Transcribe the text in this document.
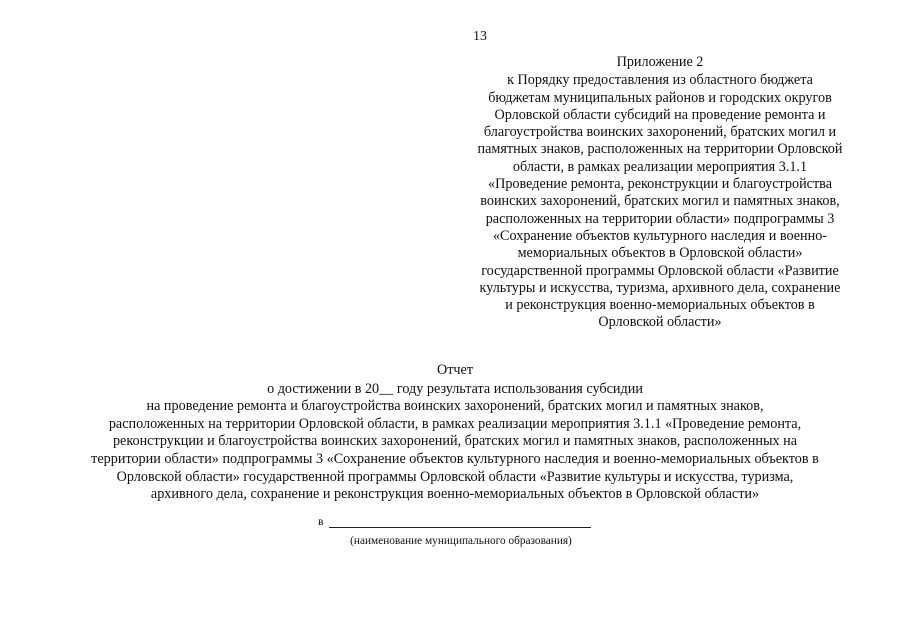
13
Приложение 2
к Порядку предоставления из областного бюджета
бюджетам муниципальных районов и городских округов
Орловской области субсидий на проведение ремонта и
благоустройства воинских захоронений, братских могил и
памятных знаков, расположенных на территории Орловской
области, в рамках реализации мероприятия 3.1.1
«Проведение ремонта, реконструкции и благоустройства
воинских захоронений, братских могил и памятных знаков,
расположенных на территории области» подпрограммы 3
«Сохранение объектов культурного наследия и военно-
мемориальных объектов в Орловской области»
государственной программы Орловской области «Развитие
культуры и искусства, туризма, архивного дела, сохранение
и реконструкция военно-мемориальных объектов в
Орловской области»
Отчет
о достижении в 20__ году результата использования субсидии
на проведение ремонта и благоустройства воинских захоронений, братских могил и памятных знаков,
расположенных на территории Орловской области, в рамках реализации мероприятия 3.1.1 «Проведение ремонта,
реконструкции и благоустройства воинских захоронений, братских могил и памятных знаков, расположенных на
территории области» подпрограммы 3 «Сохранение объектов культурного наследия и военно-мемориальных объектов в
Орловской области» государственной программы Орловской области «Развитие культуры и искусства, туризма,
архивного дела, сохранение и реконструкция военно-мемориальных объектов в Орловской области»
в
(наименование муниципального образования)
